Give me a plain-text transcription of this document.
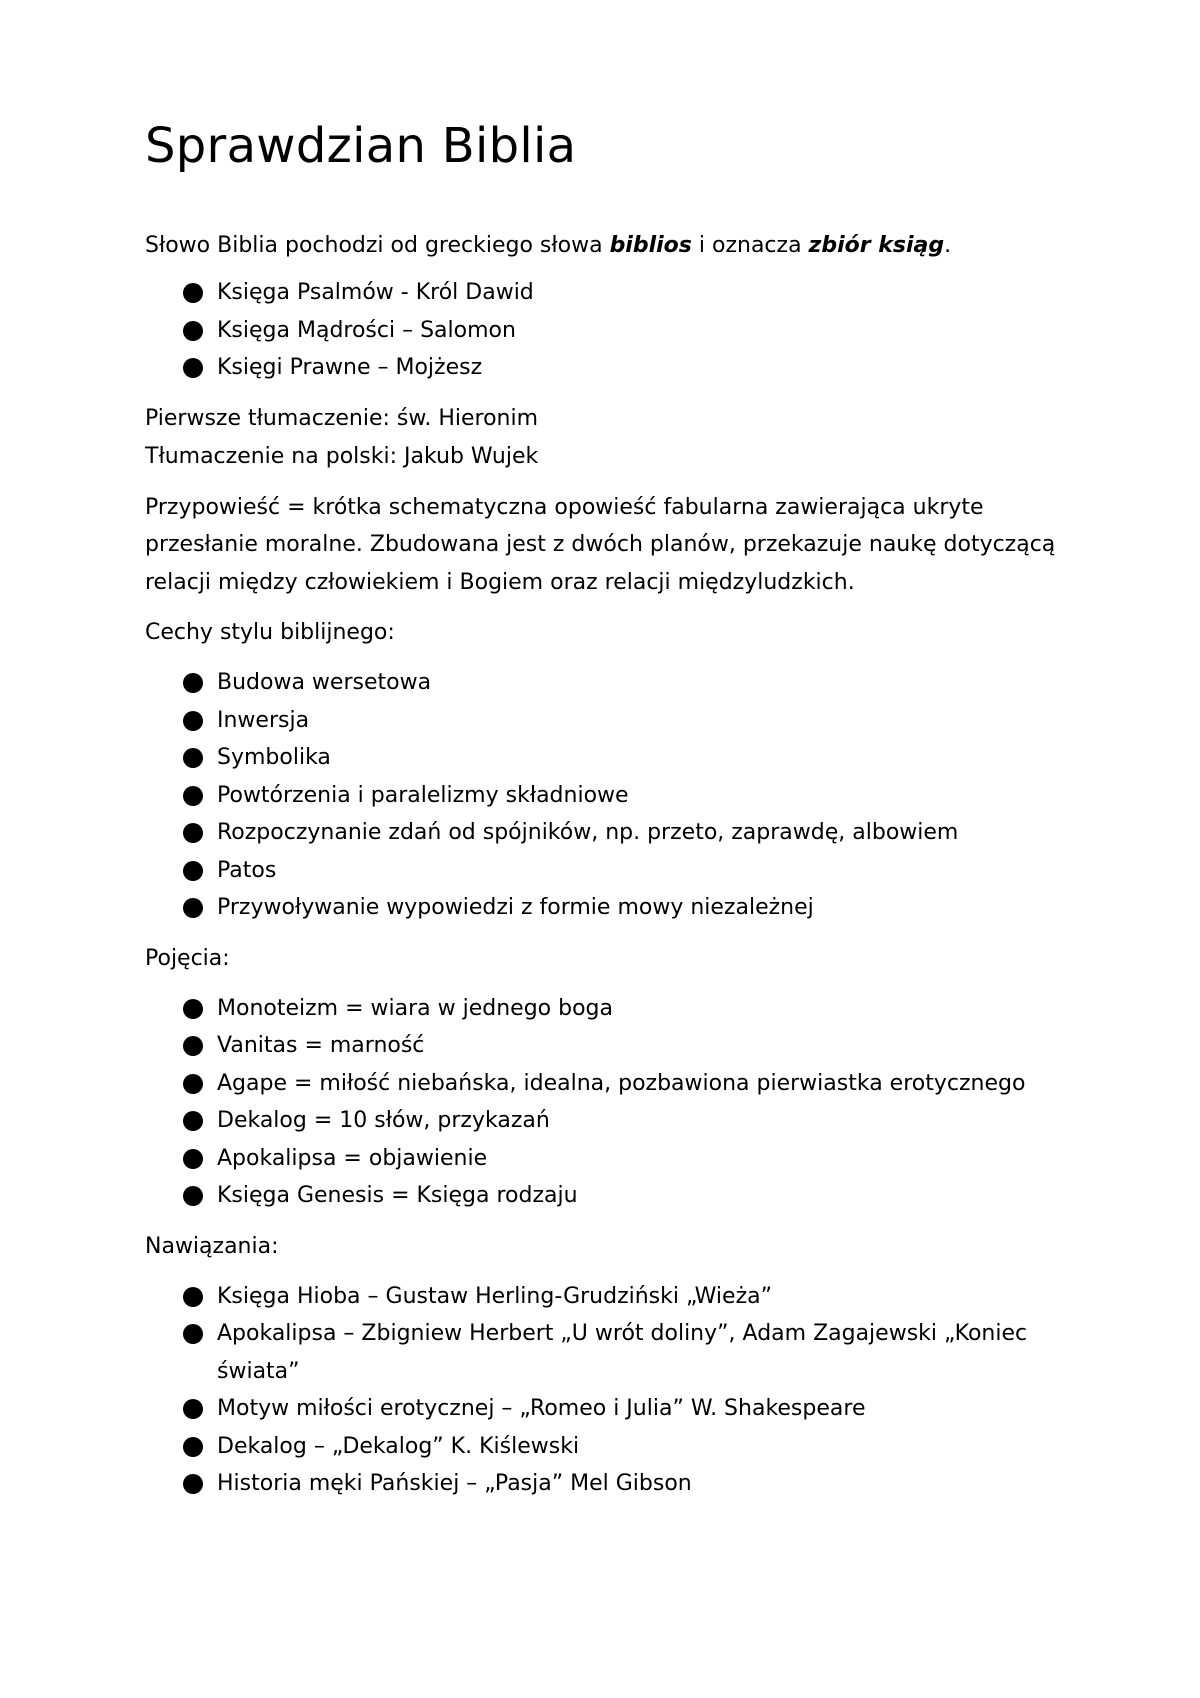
Sprawdzian Biblia

Słowo Biblia pochodzi od greckiego słowa biblios i oznacza zbiór ksiąg.

Księga Psalmów - Król Dawid
Księga Mądrości – Salomon
Księgi Prawne – Mojżesz

Pierwsze tłumaczenie: św. Hieronim

Tłumaczenie na polski: Jakub Wujek

Przypowieść = krótka schematyczna opowieść fabularna zawierająca ukryte przesłanie moralne. Zbudowana jest z dwóch planów, przekazuje naukę dotyczącą relacji między człowiekiem i Bogiem oraz relacji międzyludzkich.

Cechy stylu biblijnego:

Budowa wersetowa
Inwersja
Symbolika
Powtórzenia i paralelizmy składniowe
Rozpoczynanie zdań od spójników, np. przeto, zaprawdę, albowiem
Patos
Przywoływanie wypowiedzi z formie mowy niezależnej

Pojęcia:

Monoteizm = wiara w jednego boga
Vanitas = marność
Agape = miłość niebańska, idealna, pozbawiona pierwiastka erotycznego
Dekalog = 10 słów, przykazań
Apokalipsa = objawienie
Księga Genesis = Księga rodzaju

Nawiązania:

Księga Hioba – Gustaw Herling-Grudziński „Wieża”
Apokalipsa – Zbigniew Herbert „U wrót doliny”, Adam Zagajewski „Koniec świata”
Motyw miłości erotycznej – „Romeo i Julia” W. Shakespeare
Dekalog – „Dekalog” K. Kiślewski
Historia męki Pańskiej – „Pasja” Mel Gibson
